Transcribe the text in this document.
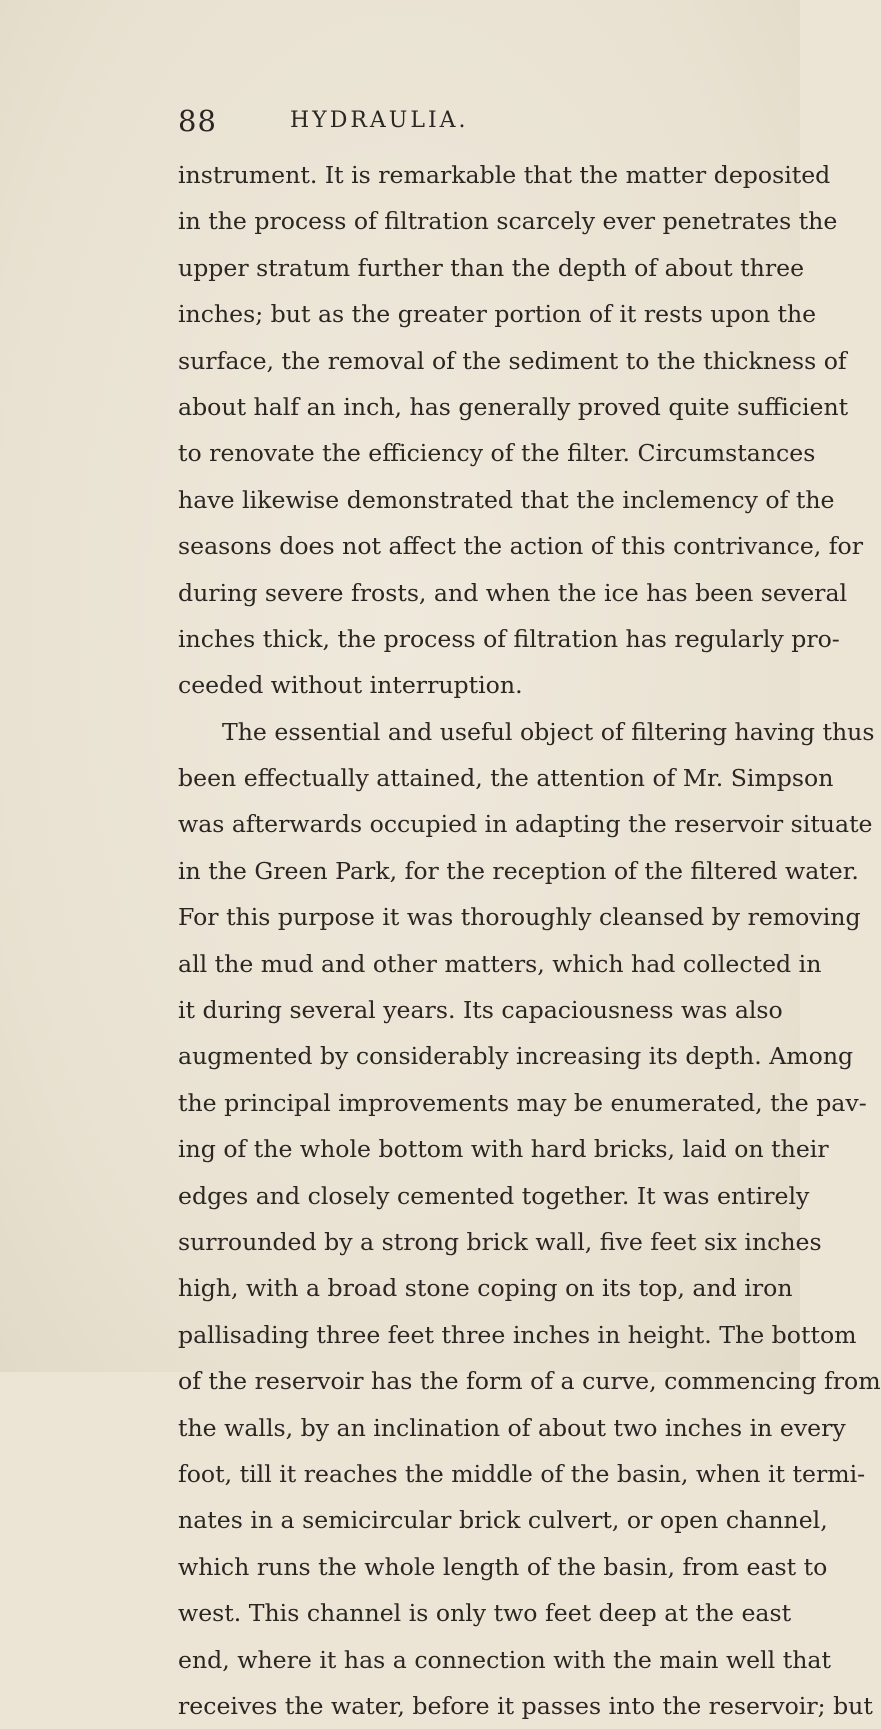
88	HYDRAULIA.
instrument. It is remarkable that the matter deposited
in the process of filtration scarcely ever penetrates the
upper stratum further than the depth of about three
inches; but as the greater portion of it rests upon the
surface, the removal of the sediment to the thickness of
about half an inch, has generally proved quite sufficient
to renovate the efficiency of the filter. Circumstances
have likewise demonstrated that the inclemency of the
seasons does not affect the action of this contrivance, for
during severe frosts, and when the ice has been several
inches thick, the process of filtration has regularly pro-
ceeded without interruption.
The essential and useful object of filtering having thus
been effectually attained, the attention of Mr. Simpson
was afterwards occupied in adapting the reservoir situate
in the Green Park, for the reception of the filtered water.
For this purpose it was thoroughly cleansed by removing
all the mud and other matters, which had collected in
it during several years. Its capaciousness was also
augmented by considerably increasing its depth. Among
the principal improvements may be enumerated, the pav-
ing of the whole bottom with hard bricks, laid on their
edges and closely cemented together. It was entirely
surrounded by a strong brick wall, five feet six inches
high, with a broad stone coping on its top, and iron
pallisading three feet three inches in height. The bottom
of the reservoir has the form of a curve, commencing from
the walls, by an inclination of about two inches in every
foot, till it reaches the middle of the basin, when it termi-
nates in a semicircular brick culvert, or open channel,
which runs the whole length of the basin, from east to
west. This channel is only two feet deep at the east
end, where it has a connection with the main well that
receives the water, before it passes into the reservoir; but
